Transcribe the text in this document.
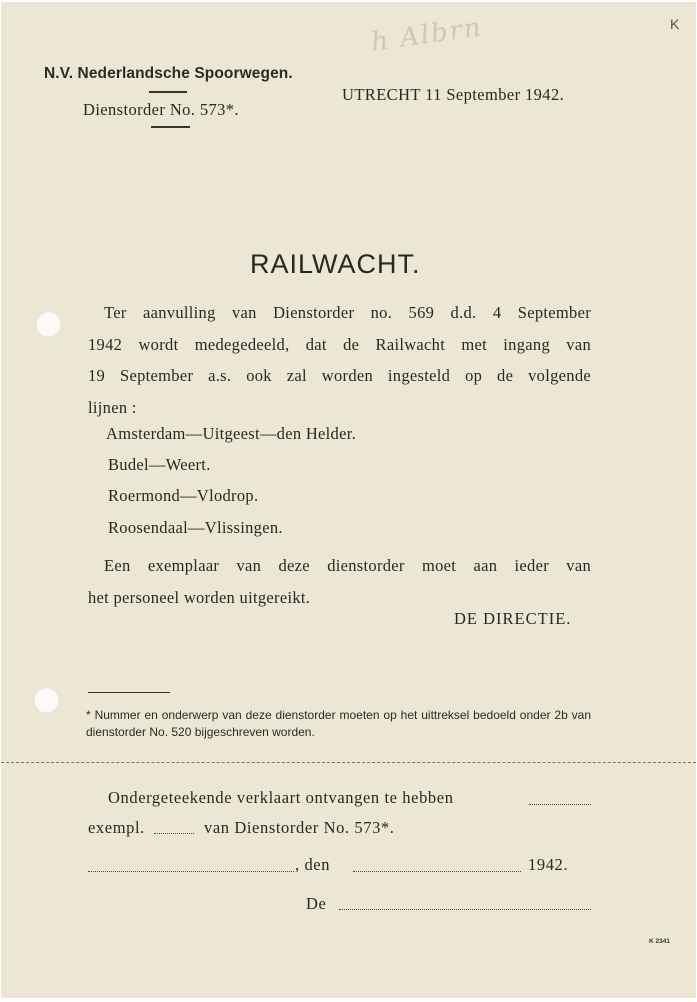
h Albrn	K
N.V. Nederlandsche Spoorwegen.
Dienstorder No. 573*.
UTRECHT 11 September 1942.
RAILWACHT.

Ter aanvulling van Dienstorder no. 569 d.d. 4 September

1942 wordt medegedeeld, dat de Railwacht met ingang van

19 September a.s. ook zal worden ingesteld op de volgende

lijnen :

Amsterdam—Uitgeest—den Helder.
Budel—Weert.
Roermond—Vlodrop.
Roosendaal—Vlissingen.

Een exemplaar van deze dienstorder moet aan ieder van

het personeel worden uitgereikt.

DE DIRECTIE.

* Nummer en onderwerp van deze dienstorder moeten op het uittreksel bedoeld onder 2b van dienstorder No. 520 bijgeschreven worden.

Ondergeteekende verklaart ontvangen te hebben
exempl.	van Dienstorder No. 573*.
, den	1942.
De
K 2341
